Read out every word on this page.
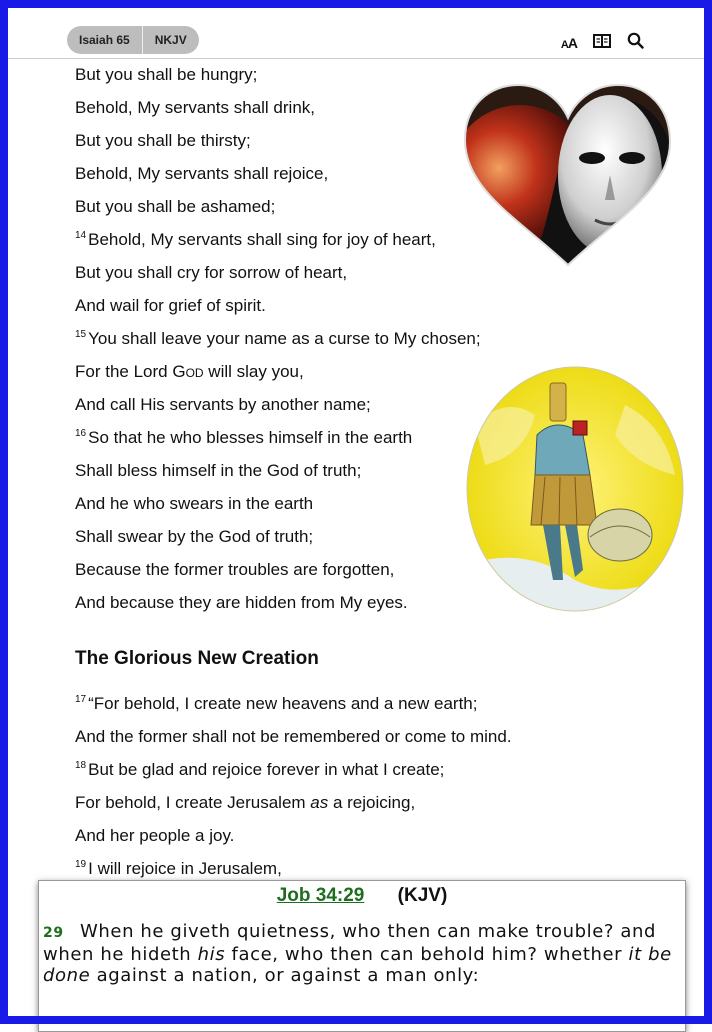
Isaiah 65	NKJV	AA
But you shall be hungry;
Behold, My servants shall drink,
But you shall be thirsty;
Behold, My servants shall rejoice,
But you shall be ashamed;
$^{14}$ Behold, My servants shall sing for joy of heart,
But you shall cry for sorrow of heart,
And wail for grief of spirit.
$^{15}$ You shall leave your name as a curse to My chosen;
For the Lord God will slay you,
And call His servants by another name;
$^{16}$ So that he who blesses himself in the earth
Shall bless himself in the God of truth;
And he who swears in the earth
Shall swear by the God of truth;
Because the former troubles are forgotten,
And because they are hidden from My eyes.
The Glorious New Creation
$^{17}$ “For behold, I create new heavens and a new earth;
And the former shall not be remembered or come to mind.
$^{18}$ But be glad and rejoice forever in what I create;
For behold, I create Jerusalem as a rejoicing,
And her people a joy.
$^{19}$ I will rejoice in Jerusalem,
Job 34:29 (KJV)
29 When he giveth quietness, who then can make trouble? and when he hideth his face, who then can behold him? whether it be done against a nation, or against a man only:
